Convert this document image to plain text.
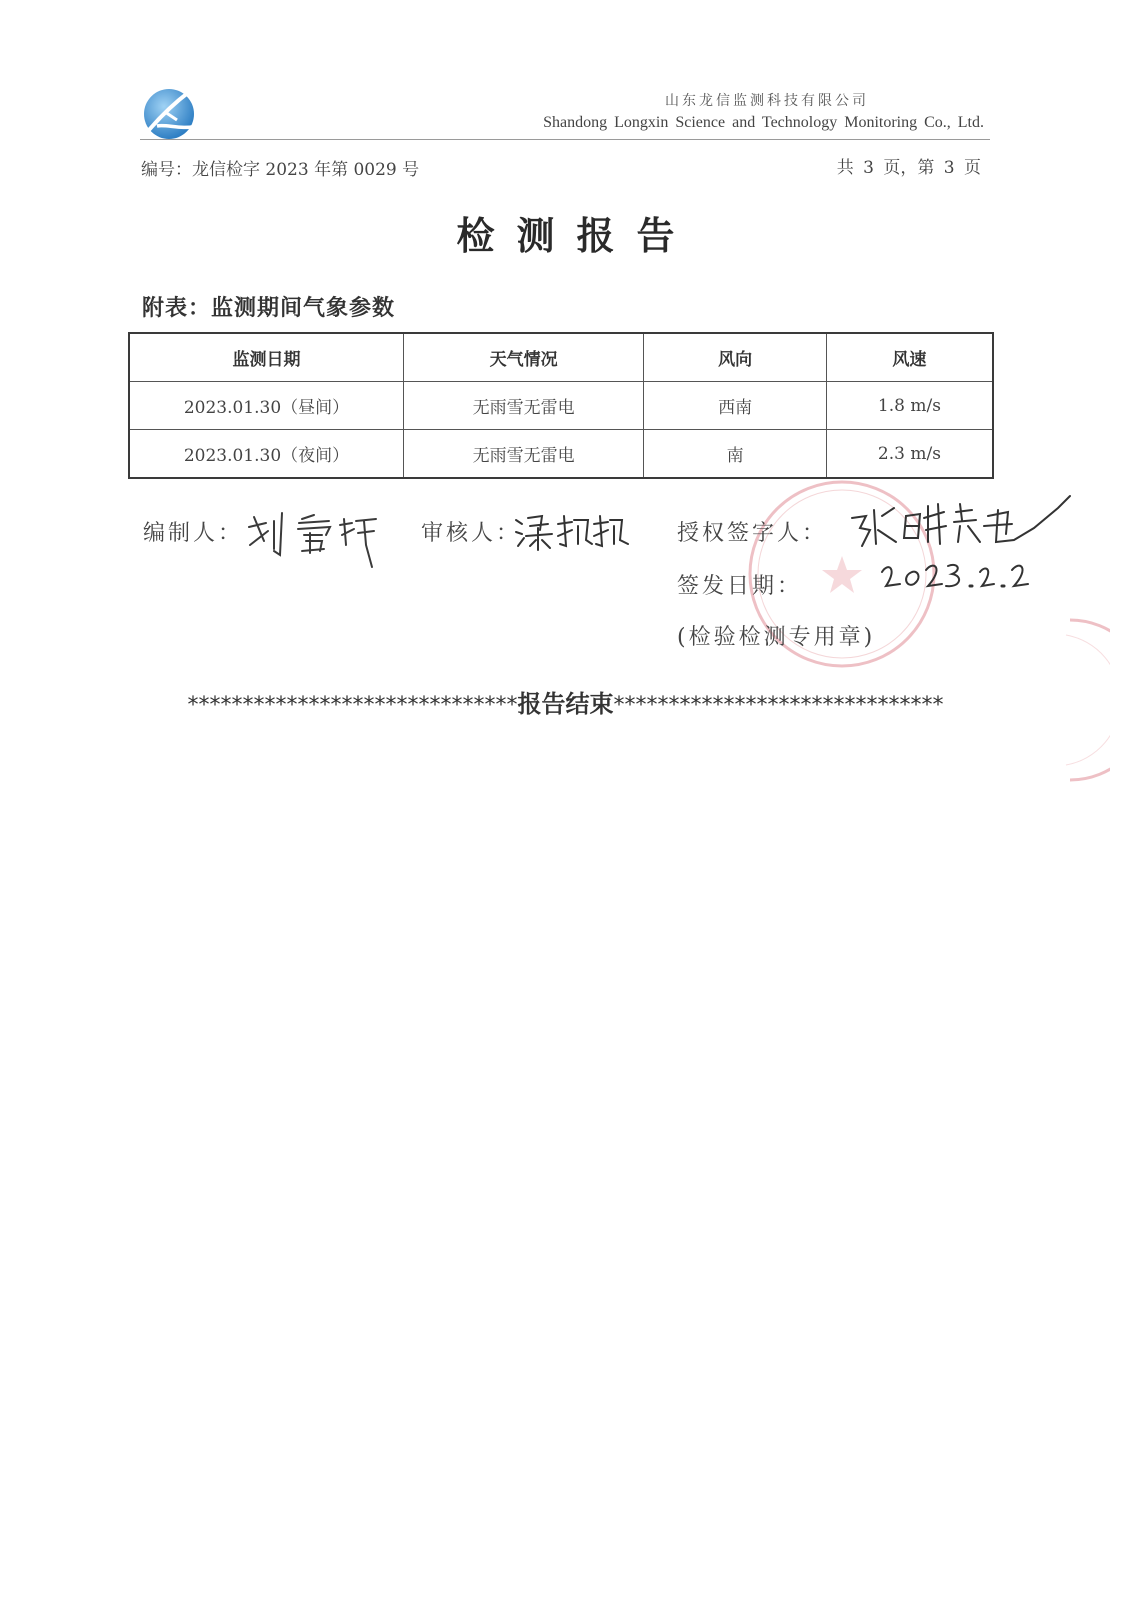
山东龙信监测科技有限公司
Shandong Longxin Science and Technology Monitoring Co., Ltd.
编号：龙信检字 2023 年第 0029 号	共 3 页，第 3 页
检测报告
附表：监测期间气象参数
监测日期	天气情况	风向	风速
2023.01.30（昼间）	无雨雪无雷电	西南	1.8 m/s
2023.01.30（夜间）	无雨雪无雷电	南	2.3 m/s
编制人：	审核人：	授权签字人：
签发日期：
(检验检测专用章)
******************************报告结束******************************
